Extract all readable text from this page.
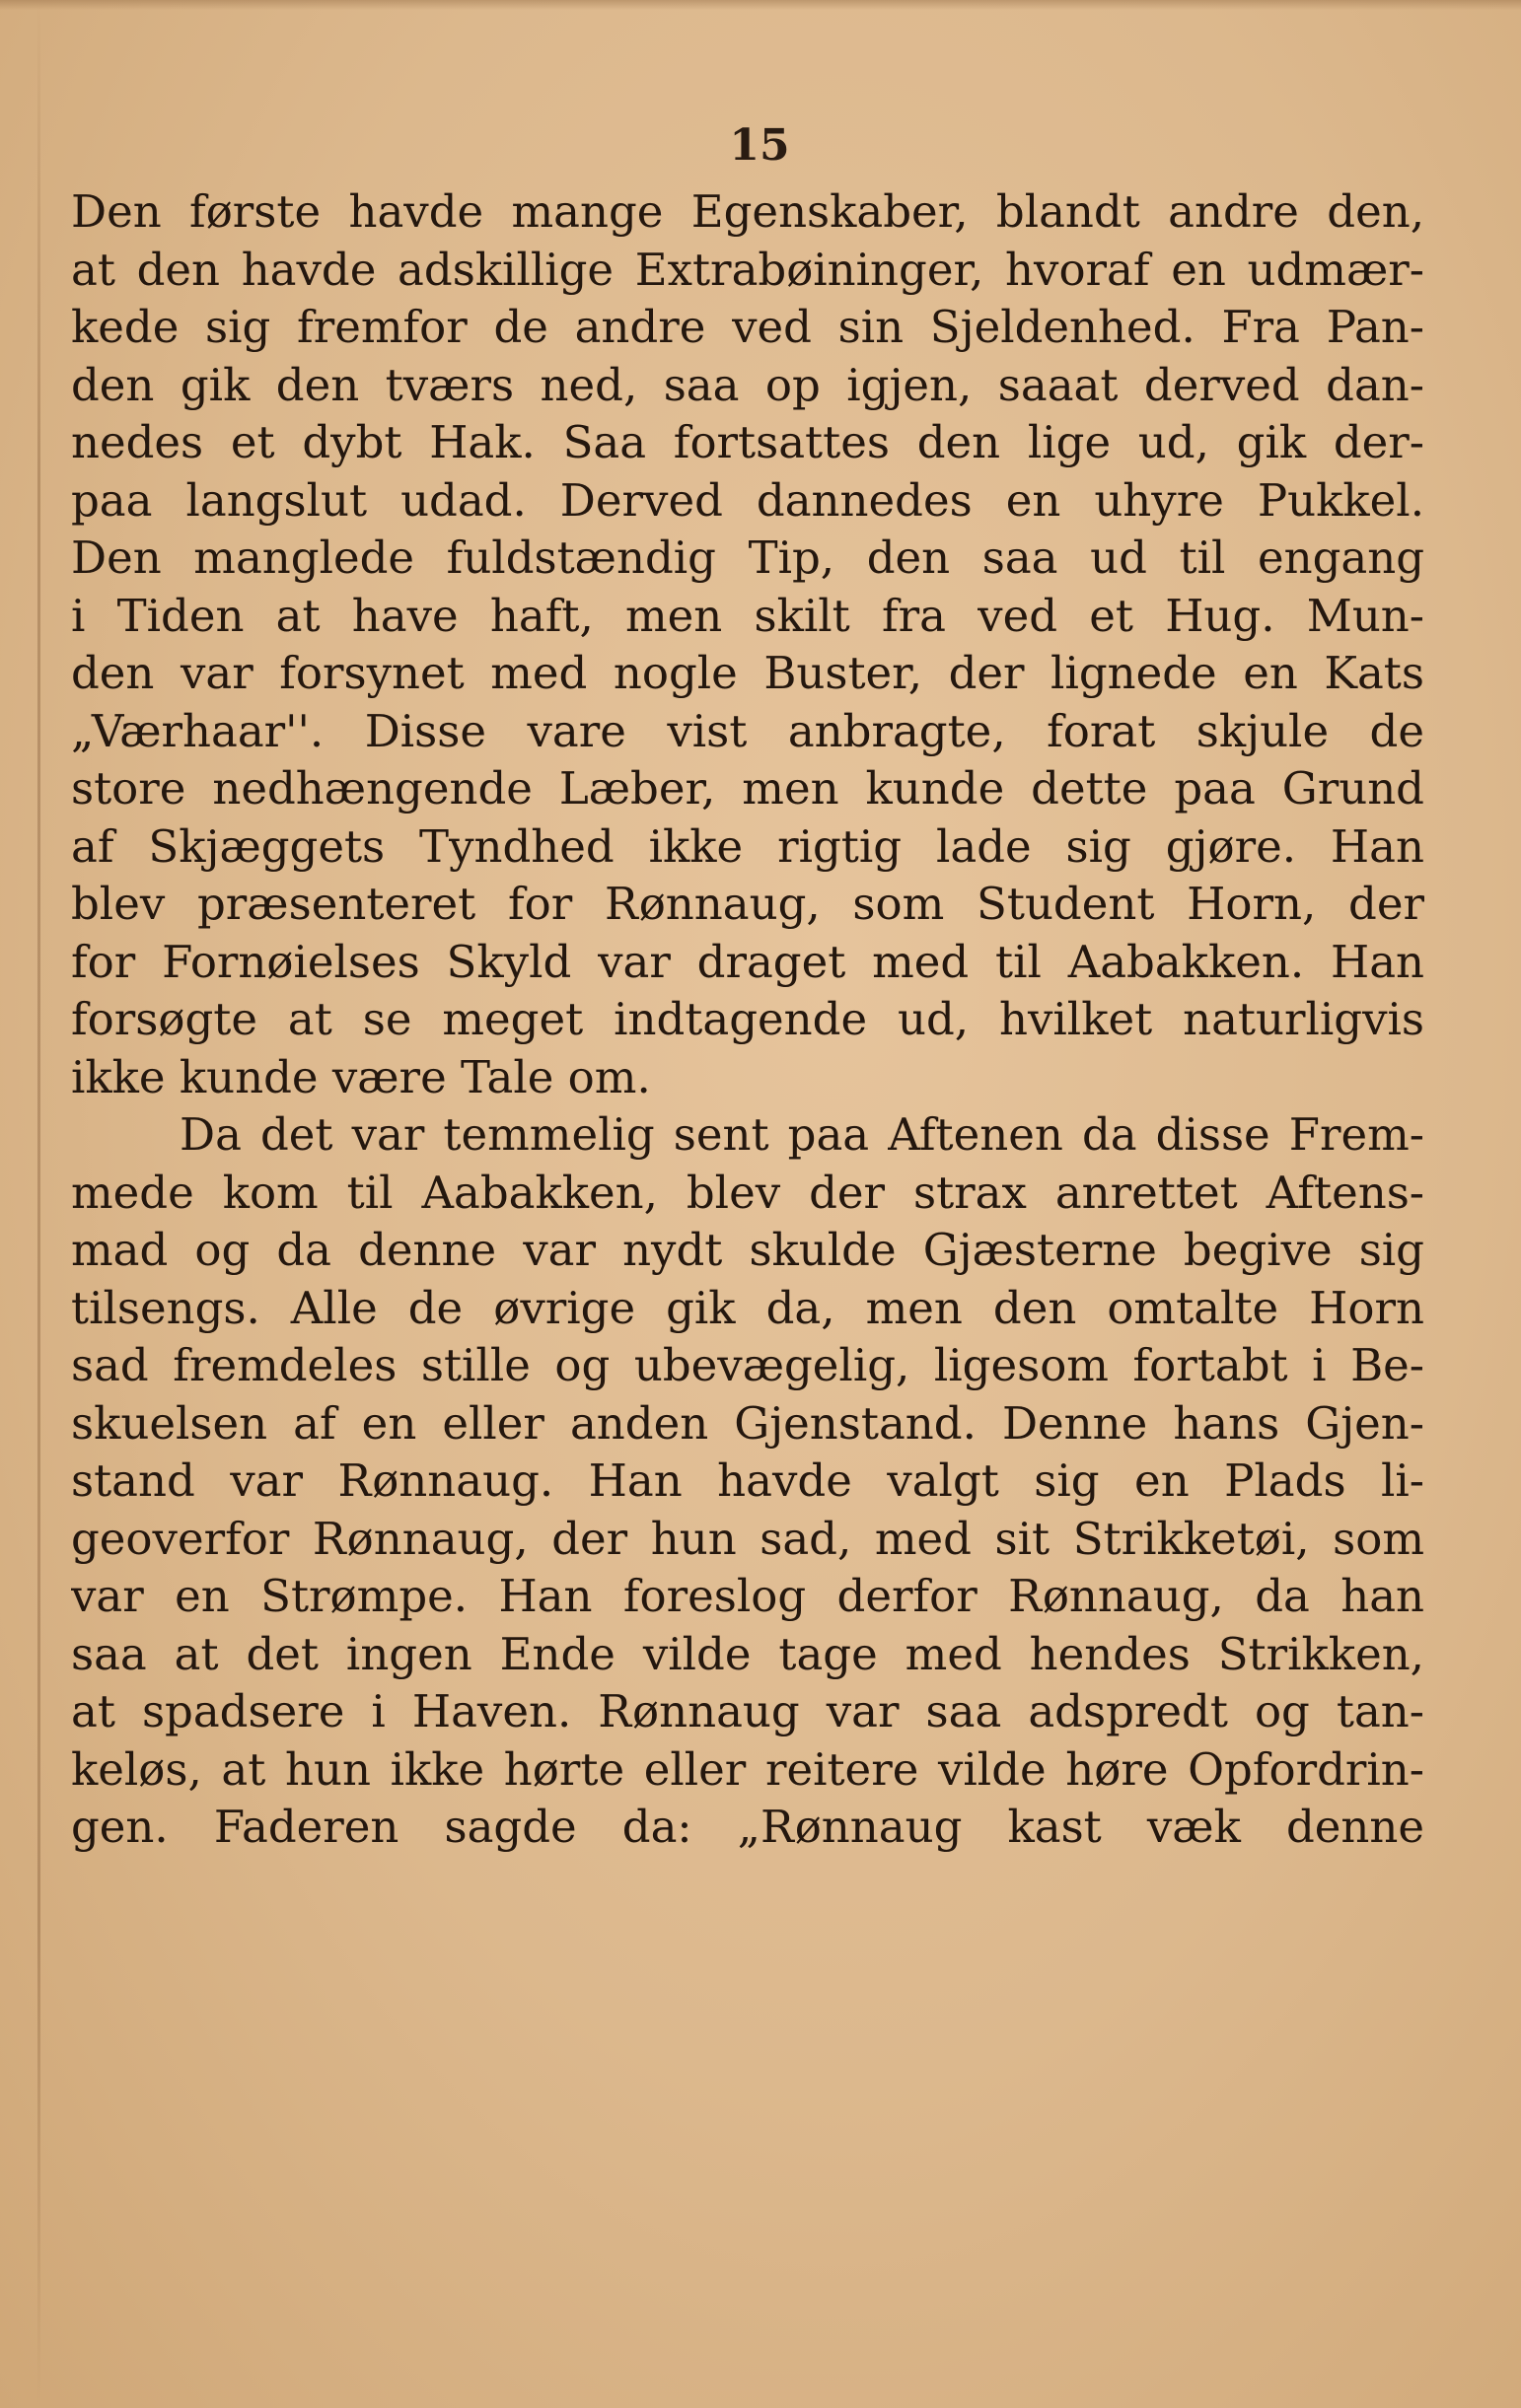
15
Den første havde mange Egenskaber, blandt andre den,
at den havde adskillige Extrabøininger, hvoraf en udmær-
kede sig fremfor de andre ved sin Sjeldenhed. Fra Pan-
den gik den tværs ned, saa op igjen, saaat derved dan-
nedes et dybt Hak. Saa fortsattes den lige ud, gik der-
paa langslut udad. Derved dannedes en uhyre Pukkel.
Den manglede fuldstændig Tip, den saa ud til engang
i Tiden at have haft, men skilt fra ved et Hug. Mun-
den var forsynet med nogle Buster, der lignede en Kats
„Værhaar''. Disse vare vist anbragte, forat skjule de
store nedhængende Læber, men kunde dette paa Grund
af Skjæggets Tyndhed ikke rigtig lade sig gjøre. Han
blev præsenteret for Rønnaug, som Student Horn, der
for Fornøielses Skyld var draget med til Aabakken. Han
forsøgte at se meget indtagende ud, hvilket naturligvis
ikke kunde være Tale om.
Da det var temmelig sent paa Aftenen da disse Frem-
mede kom til Aabakken, blev der strax anrettet Aftens-
mad og da denne var nydt skulde Gjæsterne begive sig
tilsengs. Alle de øvrige gik da, men den omtalte Horn
sad fremdeles stille og ubevægelig, ligesom fortabt i Be-
skuelsen af en eller anden Gjenstand. Denne hans Gjen-
stand var Rønnaug. Han havde valgt sig en Plads li-
geoverfor Rønnaug, der hun sad, med sit Strikketøi, som
var en Strømpe. Han foreslog derfor Rønnaug, da han
saa at det ingen Ende vilde tage med hendes Strikken,
at spadsere i Haven. Rønnaug var saa adspredt og tan-
keløs, at hun ikke hørte eller reitere vilde høre Opfordrin-
gen. Faderen sagde da: „Rønnaug kast væk denne
